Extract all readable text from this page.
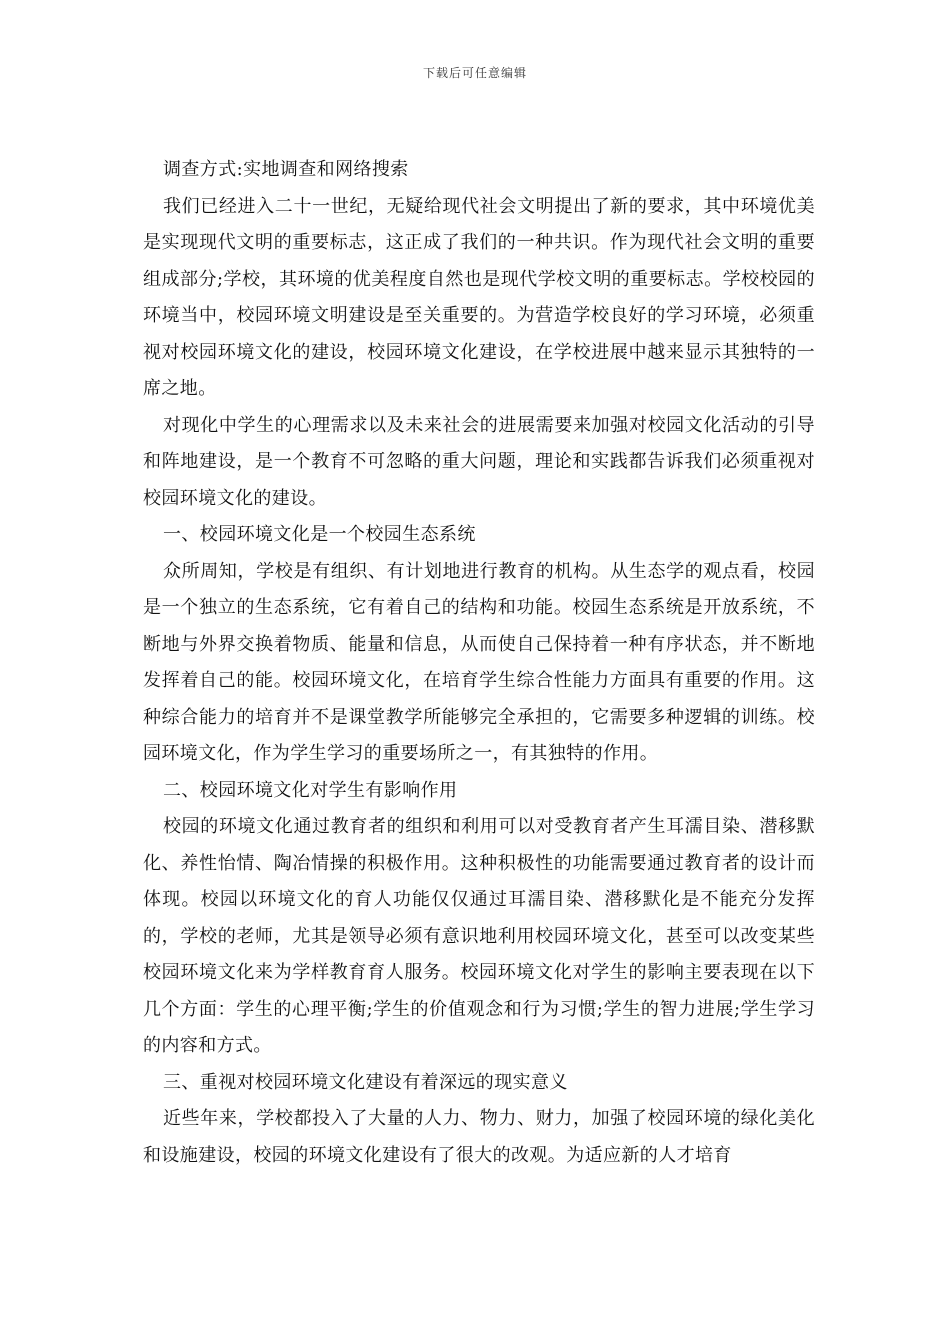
下载后可任意编辑

调查方式:实地调查和网络搜索

我们已经进入二十一世纪，无疑给现代社会文明提出了新的要求，其中环境优美是实现现代文明的重要标志，这正成了我们的一种共识。作为现代社会文明的重要组成部分;学校，其环境的优美程度自然也是现代学校文明的重要标志。学校校园的环境当中，校园环境文明建设是至关重要的。为营造学校良好的学习环境，必须重视对校园环境文化的建设，校园环境文化建设，在学校进展中越来显示其独特的一席之地。

对现化中学生的心理需求以及未来社会的进展需要来加强对校园文化活动的引导和阵地建设，是一个教育不可忽略的重大问题，理论和实践都告诉我们必须重视对校园环境文化的建设。

一、校园环境文化是一个校园生态系统

众所周知，学校是有组织、有计划地进行教育的机构。从生态学的观点看，校园是一个独立的生态系统，它有着自己的结构和功能。校园生态系统是开放系统，不断地与外界交换着物质、能量和信息，从而使自己保持着一种有序状态，并不断地发挥着自己的能。校园环境文化，在培育学生综合性能力方面具有重要的作用。这种综合能力的培育并不是课堂教学所能够完全承担的，它需要多种逻辑的训练。校园环境文化，作为学生学习的重要场所之一，有其独特的作用。

二、校园环境文化对学生有影响作用

校园的环境文化通过教育者的组织和利用可以对受教育者产生耳濡目染、潜移默化、养性怡情、陶冶情操的积极作用。这种积极性的功能需要通过教育者的设计而体现。校园以环境文化的育人功能仅仅通过耳濡目染、潜移默化是不能充分发挥的，学校的老师，尤其是领导必须有意识地利用校园环境文化，甚至可以改变某些校园环境文化来为学样教育育人服务。校园环境文化对学生的影响主要表现在以下几个方面：学生的心理平衡;学生的价值观念和行为习惯;学生的智力进展;学生学习的内容和方式。

三、重视对校园环境文化建设有着深远的现实意义

近些年来，学校都投入了大量的人力、物力、财力，加强了校园环境的绿化美化和设施建设，校园的环境文化建设有了很大的改观。为适应新的人才培育
